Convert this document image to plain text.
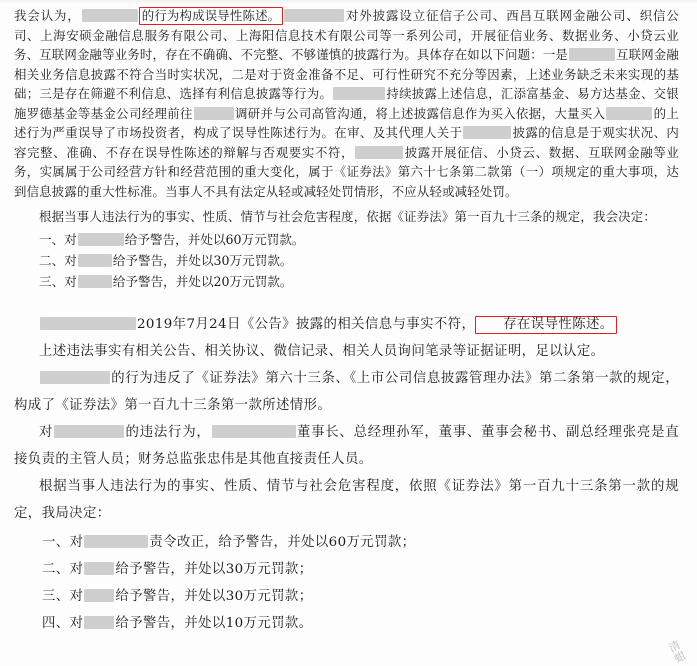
我会认为，	的行为构成误导性陈述。	对外披露设立征信子公司、西昌互联网金融公司、织信公司、上海安硕金融信息服务有限公司、上海阳信息技术有限公司等一系列公司，开展征信业务、数据业务、小贷云业务、互联网金融等业务时，存在不确确、不完整、不够谨慎的披露行为。具体存在如以下问题：一是	互联网金融相关业务信息披露不符合当时实状况，二是对于资金准备不足、可行性研究不充分等因素，上述业务缺乏未来实现的基础；三是存在筛避不利信息、选择有利信息披露等行为。	持续披露上述信息，汇添富基金、易方达基金、交银施罗德基金等基金公司经理前往	调研并与公司高管沟通，将上述披露信息作为买入依据，大量买入	的上述行为严重误导了市场投资者，构成了误导性陈述行为。在审、及其代理人关于	披露的信息是于观实状况、内容完整、准确、不存在误导性陈述的辩解与否观要实不符，	披露开展征信、小贷云、数据、互联网金融等业务，实属属于公司经营方针和经营范围的重大变化，属于《证券法》第六十七条第二款第（一）项规定的重大事项，达到信息披露的重大性标准。当事人不具有法定从轻或减轻处罚情形，不应从轻或减轻处罚。

根据当事人违法行为的事实、性质、情节与社会危害程度，依据《证券法》第一百九十三条的规定，我会决定：

一、对	给予警告，并处以60万元罚款。
二、对	给予警告，并处以30万元罚款。
三、对	给予警告，并处以20万元罚款。

2019年7月24日《公告》披露的相关信息与事实不符， 存在误导性陈述。

上述违法事实有相关公告、相关协议、微信记录、相关人员询问笔录等证据证明，足以认定。

的行为违反了《证券法》第六十三条、《上市公司信息披露管理办法》第二条第一款的规定，构成了《证券法》第一百九十三条第一款所述情形。

对	的违法行为，	董事长、总经理孙军，董事、董事会秘书、副总经理张亮是直接负责的主管人员；财务总监张忠伟是其他直接责任人员。

根据当事人违法行为的事实、性质、情节与社会危害程度，依照《证券法》第一百九十三条第一款的规定，我局决定：

一、对	责令改正，给予警告，并处以60万元罚款；
二、对 给予警告，并处以30万元罚款；
三、对 给予警告，并处以30万元罚款；
四、对 给予警告，并处以10万元罚款。
清
蚶
